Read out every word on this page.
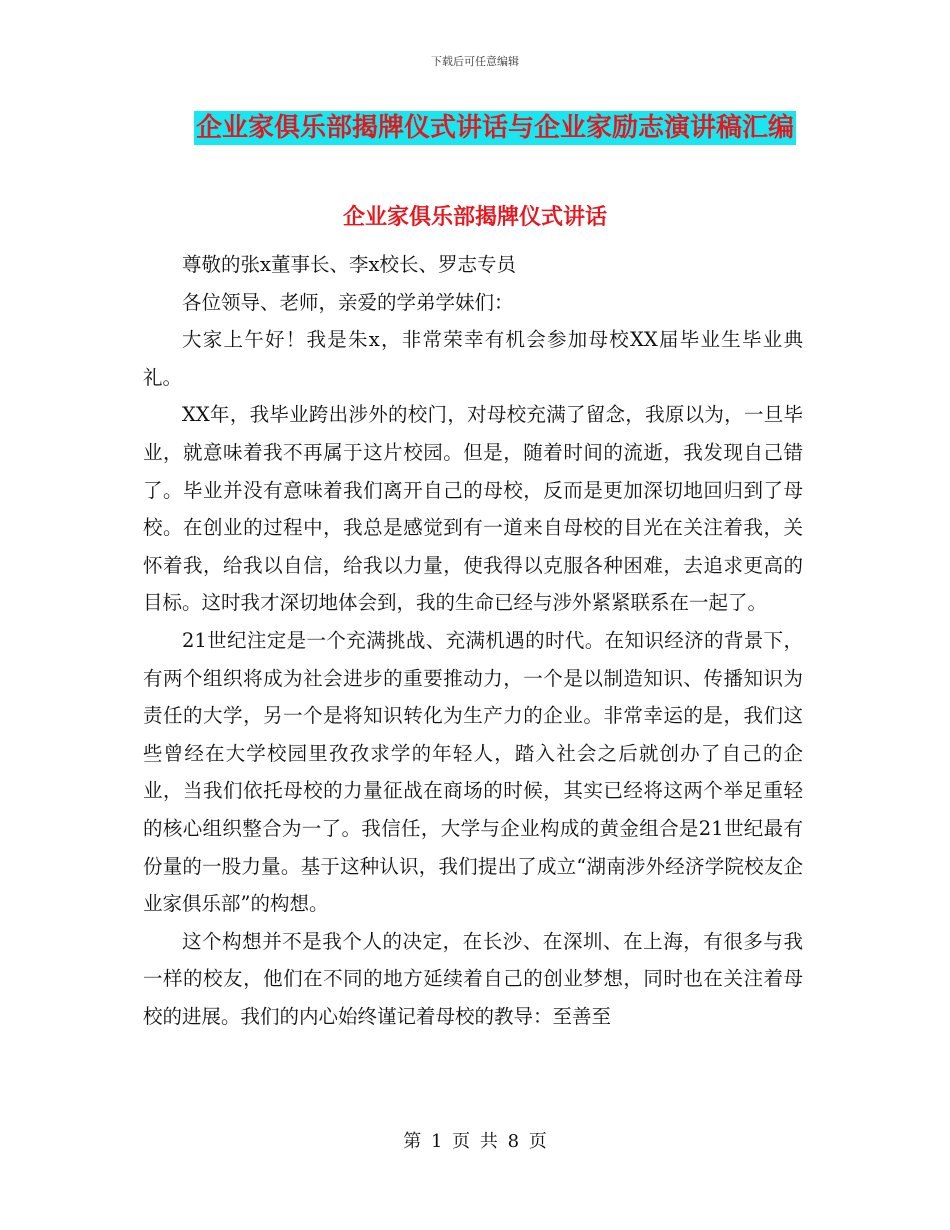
下载后可任意编辑
企业家俱乐部揭牌仪式讲话与企业家励志演讲稿汇编
企业家俱乐部揭牌仪式讲话

尊敬的张x董事长、李x校长、罗志专员

各位领导、老师，亲爱的学弟学妹们：

大家上午好！我是朱x，非常荣幸有机会参加母校XX届毕业生毕业典礼。

XX年，我毕业跨出涉外的校门，对母校充满了留念，我原以为，一旦毕业，就意味着我不再属于这片校园。但是，随着时间的流逝，我发现自己错了。毕业并没有意味着我们离开自己的母校，反而是更加深切地回归到了母校。在创业的过程中，我总是感觉到有一道来自母校的目光在关注着我，关怀着我，给我以自信，给我以力量，使我得以克服各种困难，去追求更高的目标。这时我才深切地体会到，我的生命已经与涉外紧紧联系在一起了。

21世纪注定是一个充满挑战、充满机遇的时代。在知识经济的背景下，有两个组织将成为社会进步的重要推动力，一个是以制造知识、传播知识为责任的大学，另一个是将知识转化为生产力的企业。非常幸运的是，我们这些曾经在大学校园里孜孜求学的年轻人，踏入社会之后就创办了自己的企业，当我们依托母校的力量征战在商场的时候，其实已经将这两个举足重轻的核心组织整合为一了。我信任，大学与企业构成的黄金组合是21世纪最有份量的一股力量。基于这种认识，我们提出了成立“湖南涉外经济学院校友企业家俱乐部”的构想。

这个构想并不是我个人的决定，在长沙、在深圳、在上海，有很多与我一样的校友，他们在不同的地方延续着自己的创业梦想，同时也在关注着母校的进展。我们的内心始终谨记着母校的教导：至善至

第 1 页 共 8 页
